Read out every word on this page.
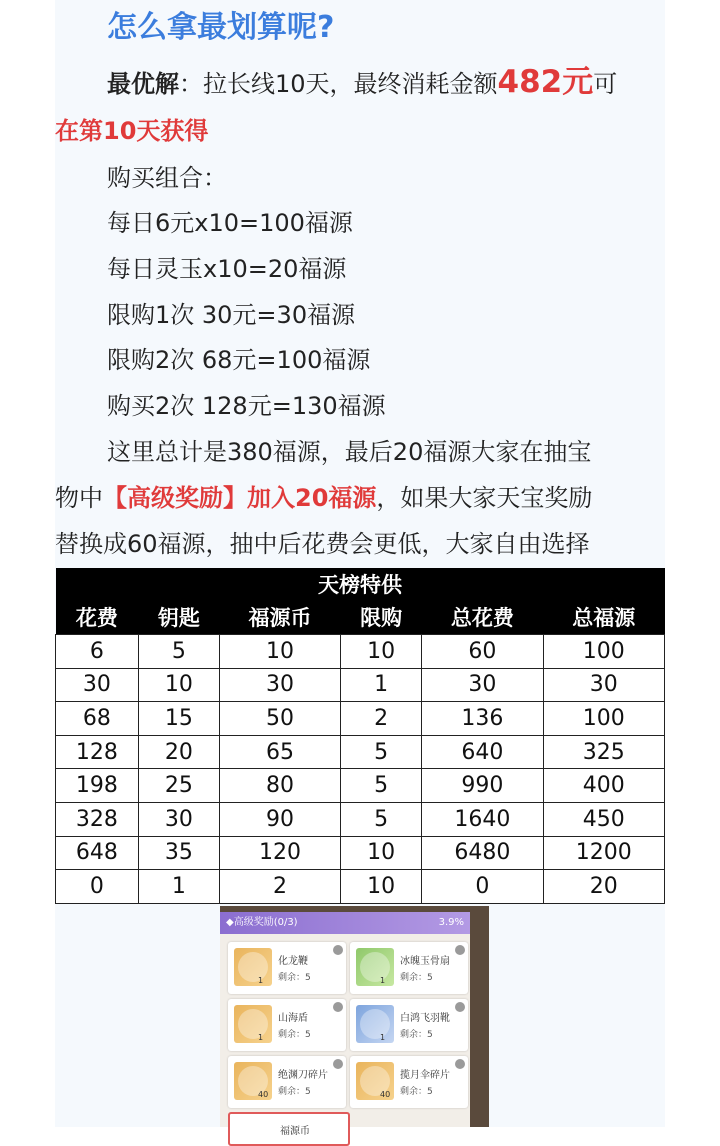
怎么拿最划算呢?
最优解：拉长线10天，最终消耗金额482元可
在第10天获得
购买组合：
每日6元x10=100福源
每日灵玉x10=20福源
限购1次 30元=30福源
限购2次 68元=100福源
购买2次 128元=130福源
这里总计是380福源，最后20福源大家在抽宝
物中【高级奖励】加入20福源，如果大家天宝奖励
替换成60福源，抽中后花费会更低，大家自由选择
天榜特供					
花费	钥匙	福源币	限购	总花费	总福源
6	5	10	10	60	100
30	10	30	1	30	30
68	15	50	2	136	100
128	20	65	5	640	325
198	25	80	5	990	400
328	30	90	5	1640	450
648	35	120	10	6480	1200
0	1	2	10	0	20
◆高级奖励(0/3)	3.9%
1
化龙鞭
剩余：5	1
冰魄玉骨扇
剩余：5
1
山海盾
剩余：5	1
白鸿飞羽靴
剩余：5
40
绝渊刀碎片
剩余：5	40
揽月伞碎片
剩余：5
福源币
